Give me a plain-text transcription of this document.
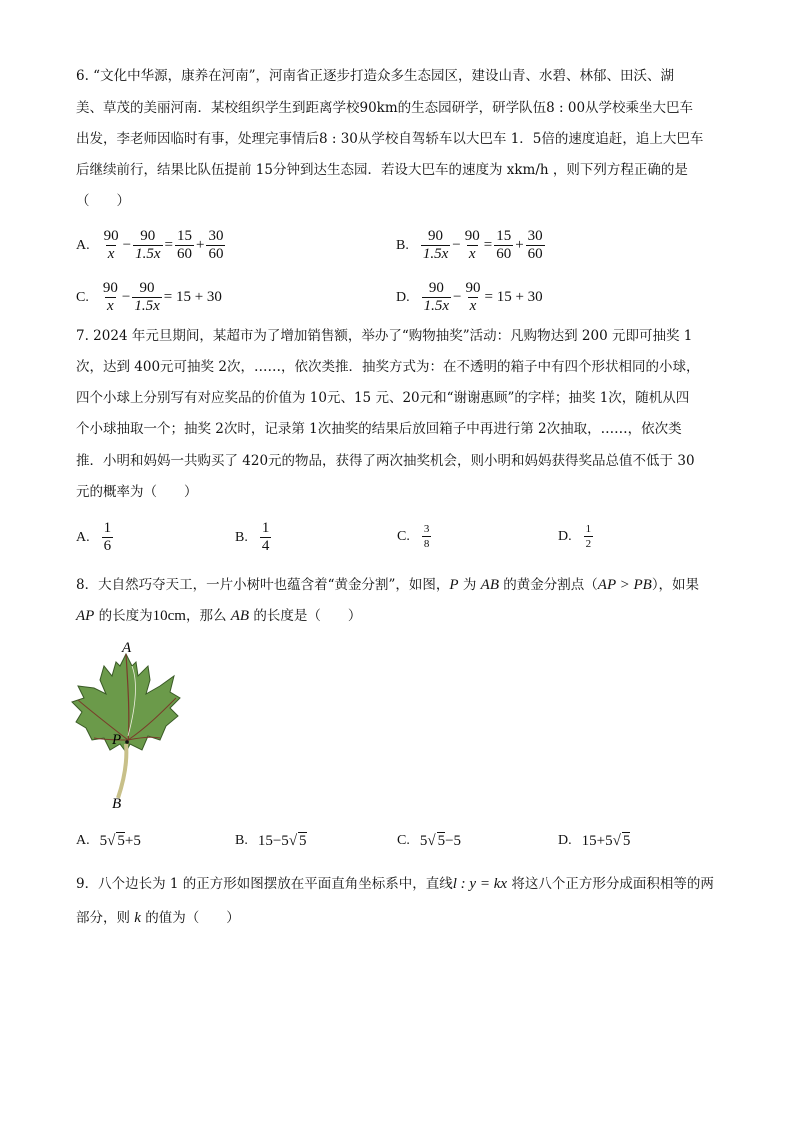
6. “文化中华源，康养在河南”，河南省正逐步打造众多生态园区，建设山青、水碧、林郁、田沃、湖
美、草茂的美丽河南．某校组织学生到距离学校90km的生态园研学，研学队伍8 : 00从学校乘坐大巴车
出发，李老师因临时有事，处理完事情后8 : 30从学校自驾轿车以大巴车 1．5倍的速度追赶，追上大巴车
后继续前行，结果比队伍提前 15分钟到达生态园．若设大巴车的速度为 xkm/h ，则下列方程正确的是
（　　）
A. $\frac{90}{x} - \frac{90}{1.5x} = \frac{15}{60} + \frac{30}{60}$	B. $\frac{90}{1.5x} - \frac{90}{x} = \frac{15}{60} + \frac{30}{60}$
C. $\frac{90}{x} - \frac{90}{1.5x} = 15 + 30$	D. $\frac{90}{1.5x} - \frac{90}{x} = 15 + 30$
7. 2024 年元旦期间，某超市为了增加销售额，举办了“购物抽奖”活动：凡购物达到 200 元即可抽奖 1
次，达到 400元可抽奖 2次，……，依次类推．抽奖方式为：在不透明的箱子中有四个形状相同的小球，
四个小球上分别写有对应奖品的价值为 10元、15 元、20元和“谢谢惠顾”的字样；抽奖 1次，随机从四
个小球抽取一个；抽奖 2次时，记录第 1次抽奖的结果后放回箱子中再进行第 2次抽取，……，依次类
推．小明和妈妈一共购买了 420元的物品，获得了两次抽奖机会，则小明和妈妈获得奖品总值不低于 30
元的概率为（　　）
A. $\frac{1}{6}$	B. $\frac{1}{4}$	C. $\frac{3}{8}$	D. $\frac{1}{2}$
8．大自然巧夺天工，一片小树叶也蕴含着“黄金分割”，如图，P 为 AB 的黄金分割点（AP > PB），如果
AP 的长度为10cm，那么 AB 的长度是（　　）
A
P
B
A. 5 √ 5 +5	B. 15−5 √ 5	C. 5 √ 5 −5	D. 15+5 √ 5
9．八个边长为 1 的正方形如图摆放在平面直角坐标系中，直线l : y = kx 将这八个正方形分成面积相等的两
部分，则 k 的值为（　　）
